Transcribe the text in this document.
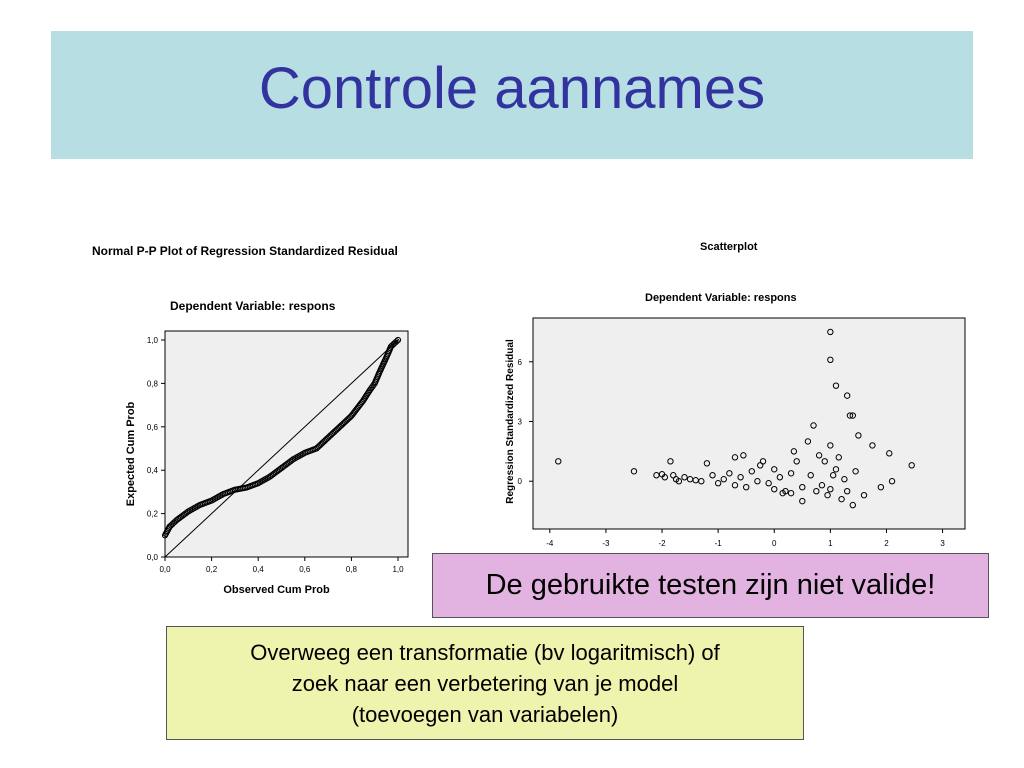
Controle aannames
Normal P-P Plot of Regression Standardized Residual
Dependent Variable: respons
0,0	0,2	0,4	0,6	0,8	1,0
0,0
0,2
0,4
0,6
0,8
1,0
Observed Cum Prob
Expected Cum Prob
Scatterplot
Dependent Variable: respons
-4	-3	-2	-1	0	1	2	3
0
3
6
Regression Standardized Residual
De gebruikte testen zijn niet valide!
Overweeg een transformatie (bv logaritmisch) of
zoek naar een verbetering van je model
(toevoegen van variabelen)
